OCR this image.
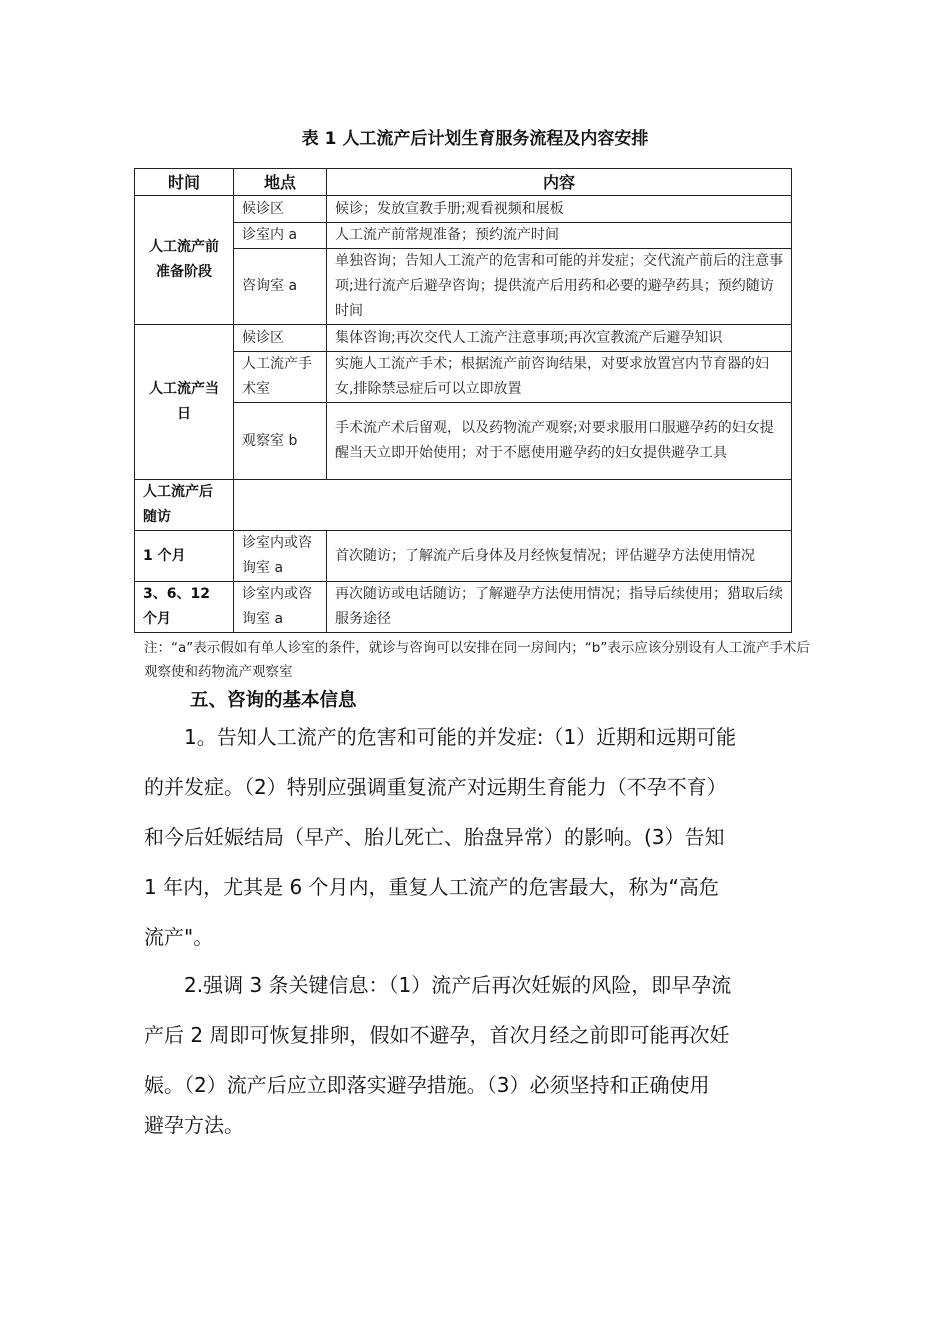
表 1 人工流产后计划生育服务流程及内容安排
时间	地点	内容
人工流产前准备阶段	候诊区	候诊；发放宣教手册;观看视频和展板
	诊室内 a	人工流产前常规准备；预约流产时间
	咨询室 a	单独咨询；告知人工流产的危害和可能的并发症；交代流产前后的注意事项;进行流产后避孕咨询；提供流产后用药和必要的避孕药具；预约随访时间
人工流产当日	候诊区	集体咨询;再次交代人工流产注意事项;再次宣教流产后避孕知识
	人工流产手术室	实施人工流产手术；根据流产前咨询结果，对要求放置宫内节育器的妇女,排除禁忌症后可以立即放置
	观察室 b	手术流产术后留观，以及药物流产观察;对要求服用口服避孕药的妇女提醒当天立即开始使用；对于不愿使用避孕药的妇女提供避孕工具
人工流产后随访		
1 个月	诊室内或咨询室 a	首次随访；了解流产后身体及月经恢复情况；评估避孕方法使用情况
3、6、12 个月	诊室内或咨询室 a	再次随访或电话随访；了解避孕方法使用情况；指导后续使用；猎取后续服务途径
注：“a”表示假如有单人诊室的条件，就诊与咨询可以安排在同一房间内；“b”表示应该分别设有人工流产手术后观察使和药物流产观察室
五、咨询的基本信息
　　1。告知人工流产的危害和可能的并发症:（1）近期和远期可能
的并发症。（2）特别应强调重复流产对远期生育能力（不孕不育）
和今后妊娠结局（早产、胎儿死亡、胎盘异常）的影响。(3）告知
1 年内，尤其是 6 个月内，重复人工流产的危害最大，称为“高危
流产"。
　　2.强调 3 条关键信息：（1）流产后再次妊娠的风险，即早孕流
产后 2 周即可恢复排卵，假如不避孕，首次月经之前即可能再次妊
娠。（2）流产后应立即落实避孕措施。（3）必须坚持和正确使用
避孕方法。
